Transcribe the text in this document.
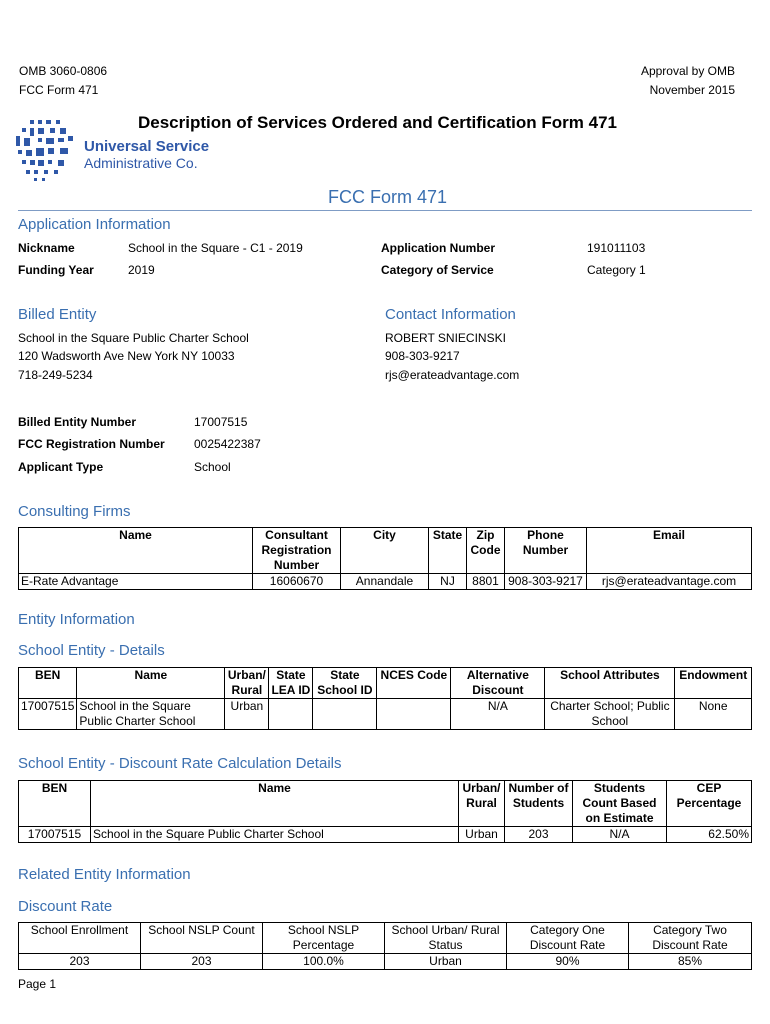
OMB 3060-0806
FCC Form 471
Approval by OMB
November 2015
Description of Services Ordered and Certification Form 471
Universal Service
Administrative Co.
FCC Form 471
Application Information
Nickname	School in the Square - C1 - 2019
Funding Year	2019
Application Number	191011103
Category of Service	Category 1
Billed Entity
School in the Square Public Charter School
120 Wadsworth Ave New York NY 10033
718-249-5234
Contact Information
ROBERT SNIECINSKI
908-303-9217
rjs@erateadvantage.com
Billed Entity Number	17007515
FCC Registration Number 0025422387
Applicant Type	School
Consulting Firms
Name	Consultant Registration Number	City	State	Zip Code	Phone Number	Email
E-Rate Advantage	16060670	Annandale	NJ	8801	908-303-9217	rjs@erateadvantage.com
Entity Information
School Entity - Details
BEN	Name	Urban/ Rural	State LEA ID	State School ID	NCES Code	Alternative Discount	School Attributes	Endowment
17007515	School in the Square Public Charter School	Urban				N/A	Charter School; Public School	None
School Entity - Discount Rate Calculation Details
BEN	Name	Urban/ Rural	Number of Students	Students Count Based on Estimate	CEP Percentage
17007515	School in the Square Public Charter School	Urban	203	N/A	62.50%
Related Entity Information
Discount Rate
School Enrollment	School NSLP Count	School NSLP Percentage	School Urban/ Rural Status	Category One Discount Rate	Category Two Discount Rate
203	203	100.0%	Urban	90%	85%
Page 1
